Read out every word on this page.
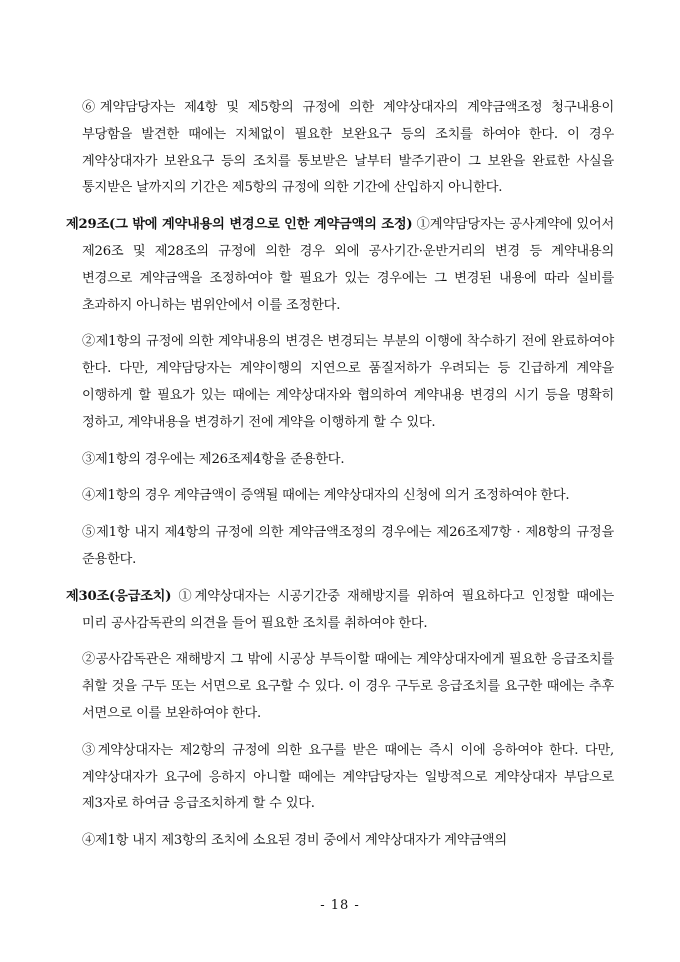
⑥계약담당자는 제4항 및 제5항의 규정에 의한 계약상대자의 계약금액조정 청구내용이 부당함을 발견한 때에는 지체없이 필요한 보완요구 등의 조치를 하여야 한다. 이 경우 계약상대자가 보완요구 등의 조치를 통보받은 날부터 발주기관이 그 보완을 완료한 사실을 통지받은 날까지의 기간은 제5항의 규정에 의한 기간에 산입하지 아니한다.

제29조(그 밖에 계약내용의 변경으로 인한 계약금액의 조정) ①계약담당자는 공사계약에 있어서 제26조 및 제28조의 규정에 의한 경우 외에 공사기간·운반거리의 변경 등 계약내용의 변경으로 계약금액을 조정하여야 할 필요가 있는 경우에는 그 변경된 내용에 따라 실비를 초과하지 아니하는 범위안에서 이를 조정한다.

②제1항의 규정에 의한 계약내용의 변경은 변경되는 부분의 이행에 착수하기 전에 완료하여야 한다. 다만, 계약담당자는 계약이행의 지연으로 품질저하가 우려되는 등 긴급하게 계약을 이행하게 할 필요가 있는 때에는 계약상대자와 협의하여 계약내용 변경의 시기 등을 명확히 정하고, 계약내용을 변경하기 전에 계약을 이행하게 할 수 있다.

③제1항의 경우에는 제26조제4항을 준용한다.

④제1항의 경우 계약금액이 증액될 때에는 계약상대자의 신청에 의거 조정하여야 한다.

⑤제1항 내지 제4항의 규정에 의한 계약금액조정의 경우에는 제26조제7항 · 제8항의 규정을 준용한다.

제30조(응급조치) ①계약상대자는 시공기간중 재해방지를 위하여 필요하다고 인정할 때에는 미리 공사감독관의 의견을 들어 필요한 조치를 취하여야 한다.

②공사감독관은 재해방지 그 밖에 시공상 부득이할 때에는 계약상대자에게 필요한 응급조치를 취할 것을 구두 또는 서면으로 요구할 수 있다. 이 경우 구두로 응급조치를 요구한 때에는 추후 서면으로 이를 보완하여야 한다.

③계약상대자는 제2항의 규정에 의한 요구를 받은 때에는 즉시 이에 응하여야 한다. 다만, 계약상대자가 요구에 응하지 아니할 때에는 계약담당자는 일방적으로 계약상대자 부담으로 제3자로 하여금 응급조치하게 할 수 있다.

④제1항 내지 제3항의 조치에 소요된 경비 중에서 계약상대자가 계약금액의

- 18 -
